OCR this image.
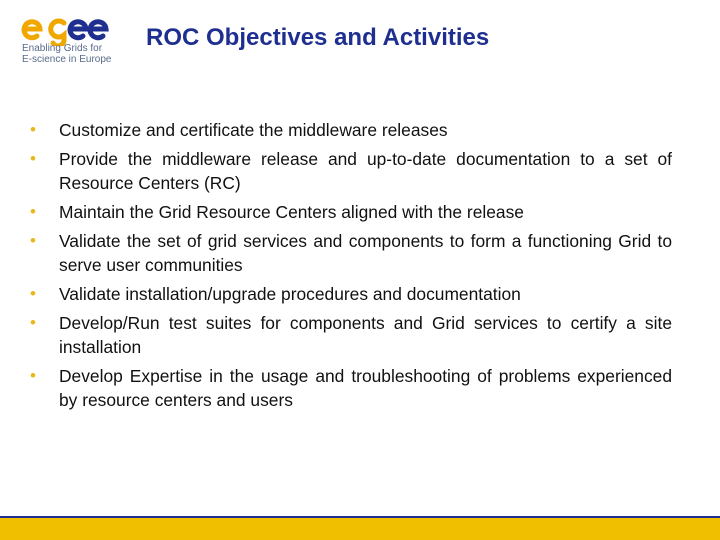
Enabling Grids for
E-science in Europe
ROC Objectives and Activities
• Customize and certificate the middleware releases
• Provide the middleware release and up-to-date documentation to a set of Resource Centers (RC)
• Maintain the Grid Resource Centers aligned with the release
• Validate the set of grid services and components to form a functioning Grid to serve user communities
• Validate installation/upgrade procedures and documentation
• Develop/Run test suites for components and Grid services to certify a site installation
• Develop Expertise in the usage and troubleshooting of problems experienced by resource centers and users
